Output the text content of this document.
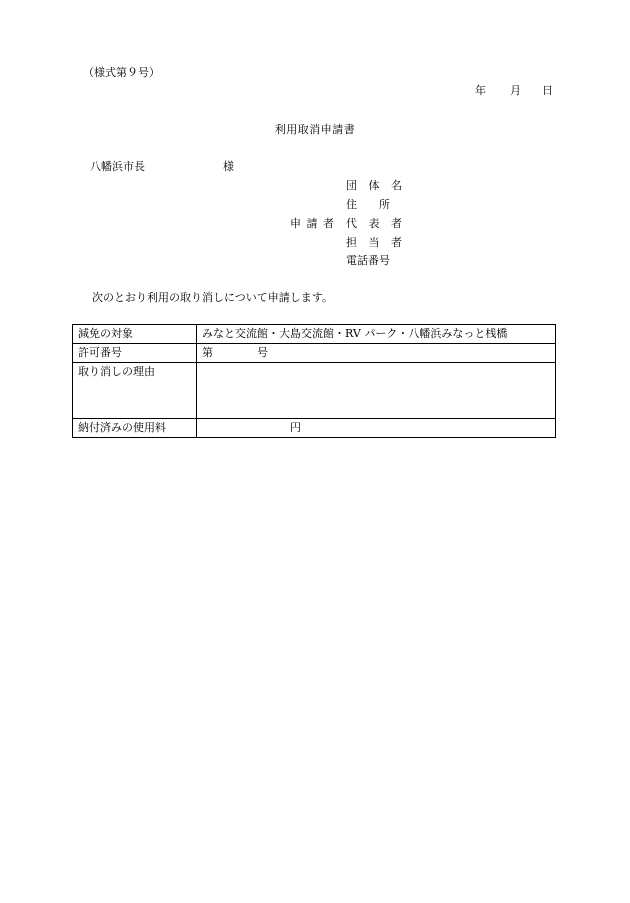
（様式第９号）
年 月 日
利用取消申請書
八幡浜市長	様
申 請 者
団 体 名
住　　所
代 表 者
担 当 者
電話番号
次のとおり利用の取り消しについて申請します。
減免の対象	みなと交流館・大島交流館・RV パーク・八幡浜みなっと桟橋
許可番号	第 号
取り消しの理由	
納付済みの使用料	円
